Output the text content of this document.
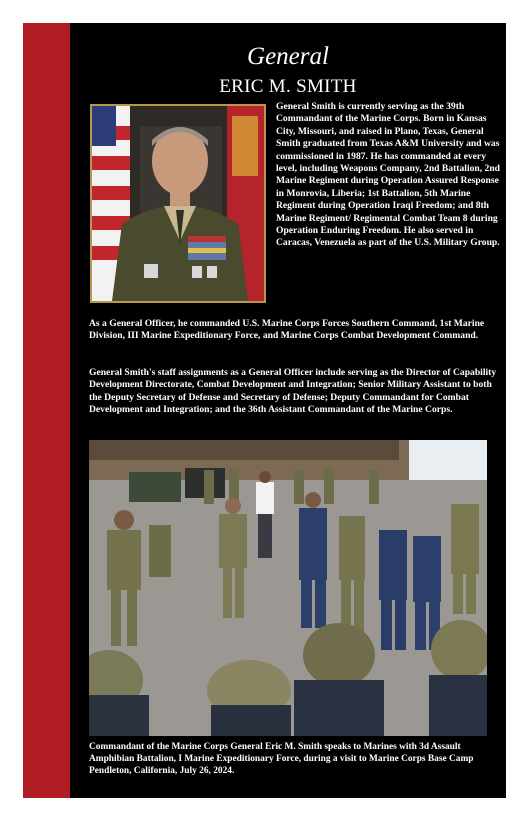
General
ERIC M. SMITH

General Smith is currently serving as the 39th Commandant of the Marine Corps. Born in Kansas City, Missouri, and raised in Plano, Texas, General Smith graduated from Texas A&M University and was commissioned in 1987. He has commanded at every level, including Weapons Company, 2nd Battalion, 2nd Marine Regiment during Operation Assured Response in Monrovia, Liberia; 1st Battalion, 5th Marine Regiment during Operation Iraqi Freedom; and 8th Marine Regiment/ Regimental Combat Team 8 during Operation Enduring Freedom. He also served in Caracas, Venezuela as part of the U.S. Military Group.

As a General Officer, he commanded U.S. Marine Corps Forces Southern Command, 1st Marine Division, III Marine Expeditionary Force, and Marine Corps Combat Development Command.

General Smith's staff assignments as a General Officer include serving as the Director of Capability Development Directorate, Combat Development and Integration; Senior Military Assistant to both the Deputy Secretary of Defense and Secretary of Defense; Deputy Commandant for Combat Development and Integration; and the 36th Assistant Commandant of the Marine Corps.

Commandant of the Marine Corps General Eric M. Smith speaks to Marines with 3d Assault Amphibian Battalion, I Marine Expeditionary Force, during a visit to Marine Corps Base Camp Pendleton, California, July 26, 2024.
